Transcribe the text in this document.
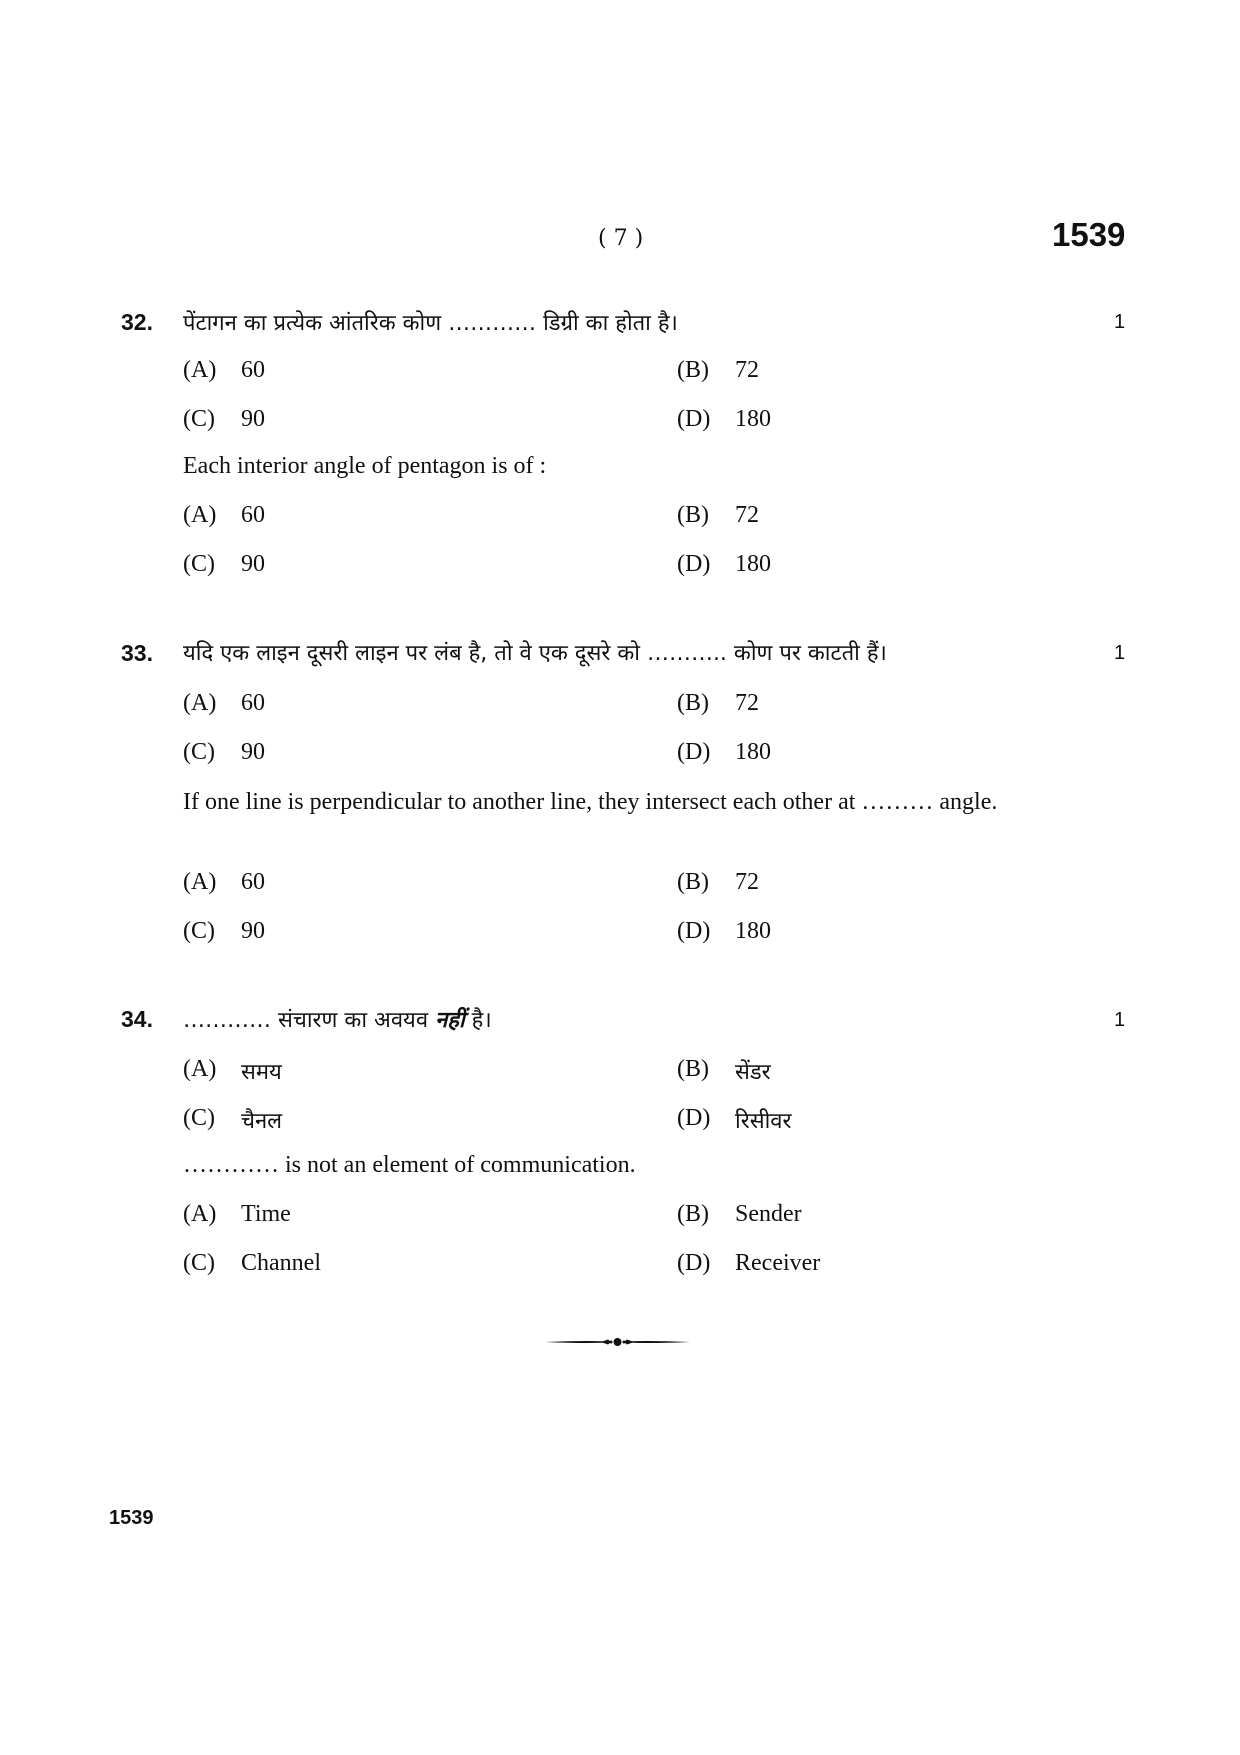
( 7 )	1539
32. पेंटागन का प्रत्येक आंतरिक कोण ………… डिग्री का होता है।	1
(A) 60	(B) 72
(C) 90	(D) 180
Each interior angle of pentagon is of :
(A) 60	(B) 72
(C) 90	(D) 180
33. यदि एक लाइन दूसरी लाइन पर लंब है, तो वे एक दूसरे को ……….. कोण पर काटती हैं।	1
(A) 60	(B) 72
(C) 90	(D) 180
If one line is perpendicular to another line, they intersect each other at ……… angle.
(A) 60	(B) 72
(C) 90	(D) 180
34. ………… संचारण का अवयव नहीं है।	1
(A) समय	(B) सेंडर
(C) चैनल	(D) रिसीवर
………… is not an element of communication.
(A) Time	(B) Sender
(C) Channel	(D) Receiver
1539
